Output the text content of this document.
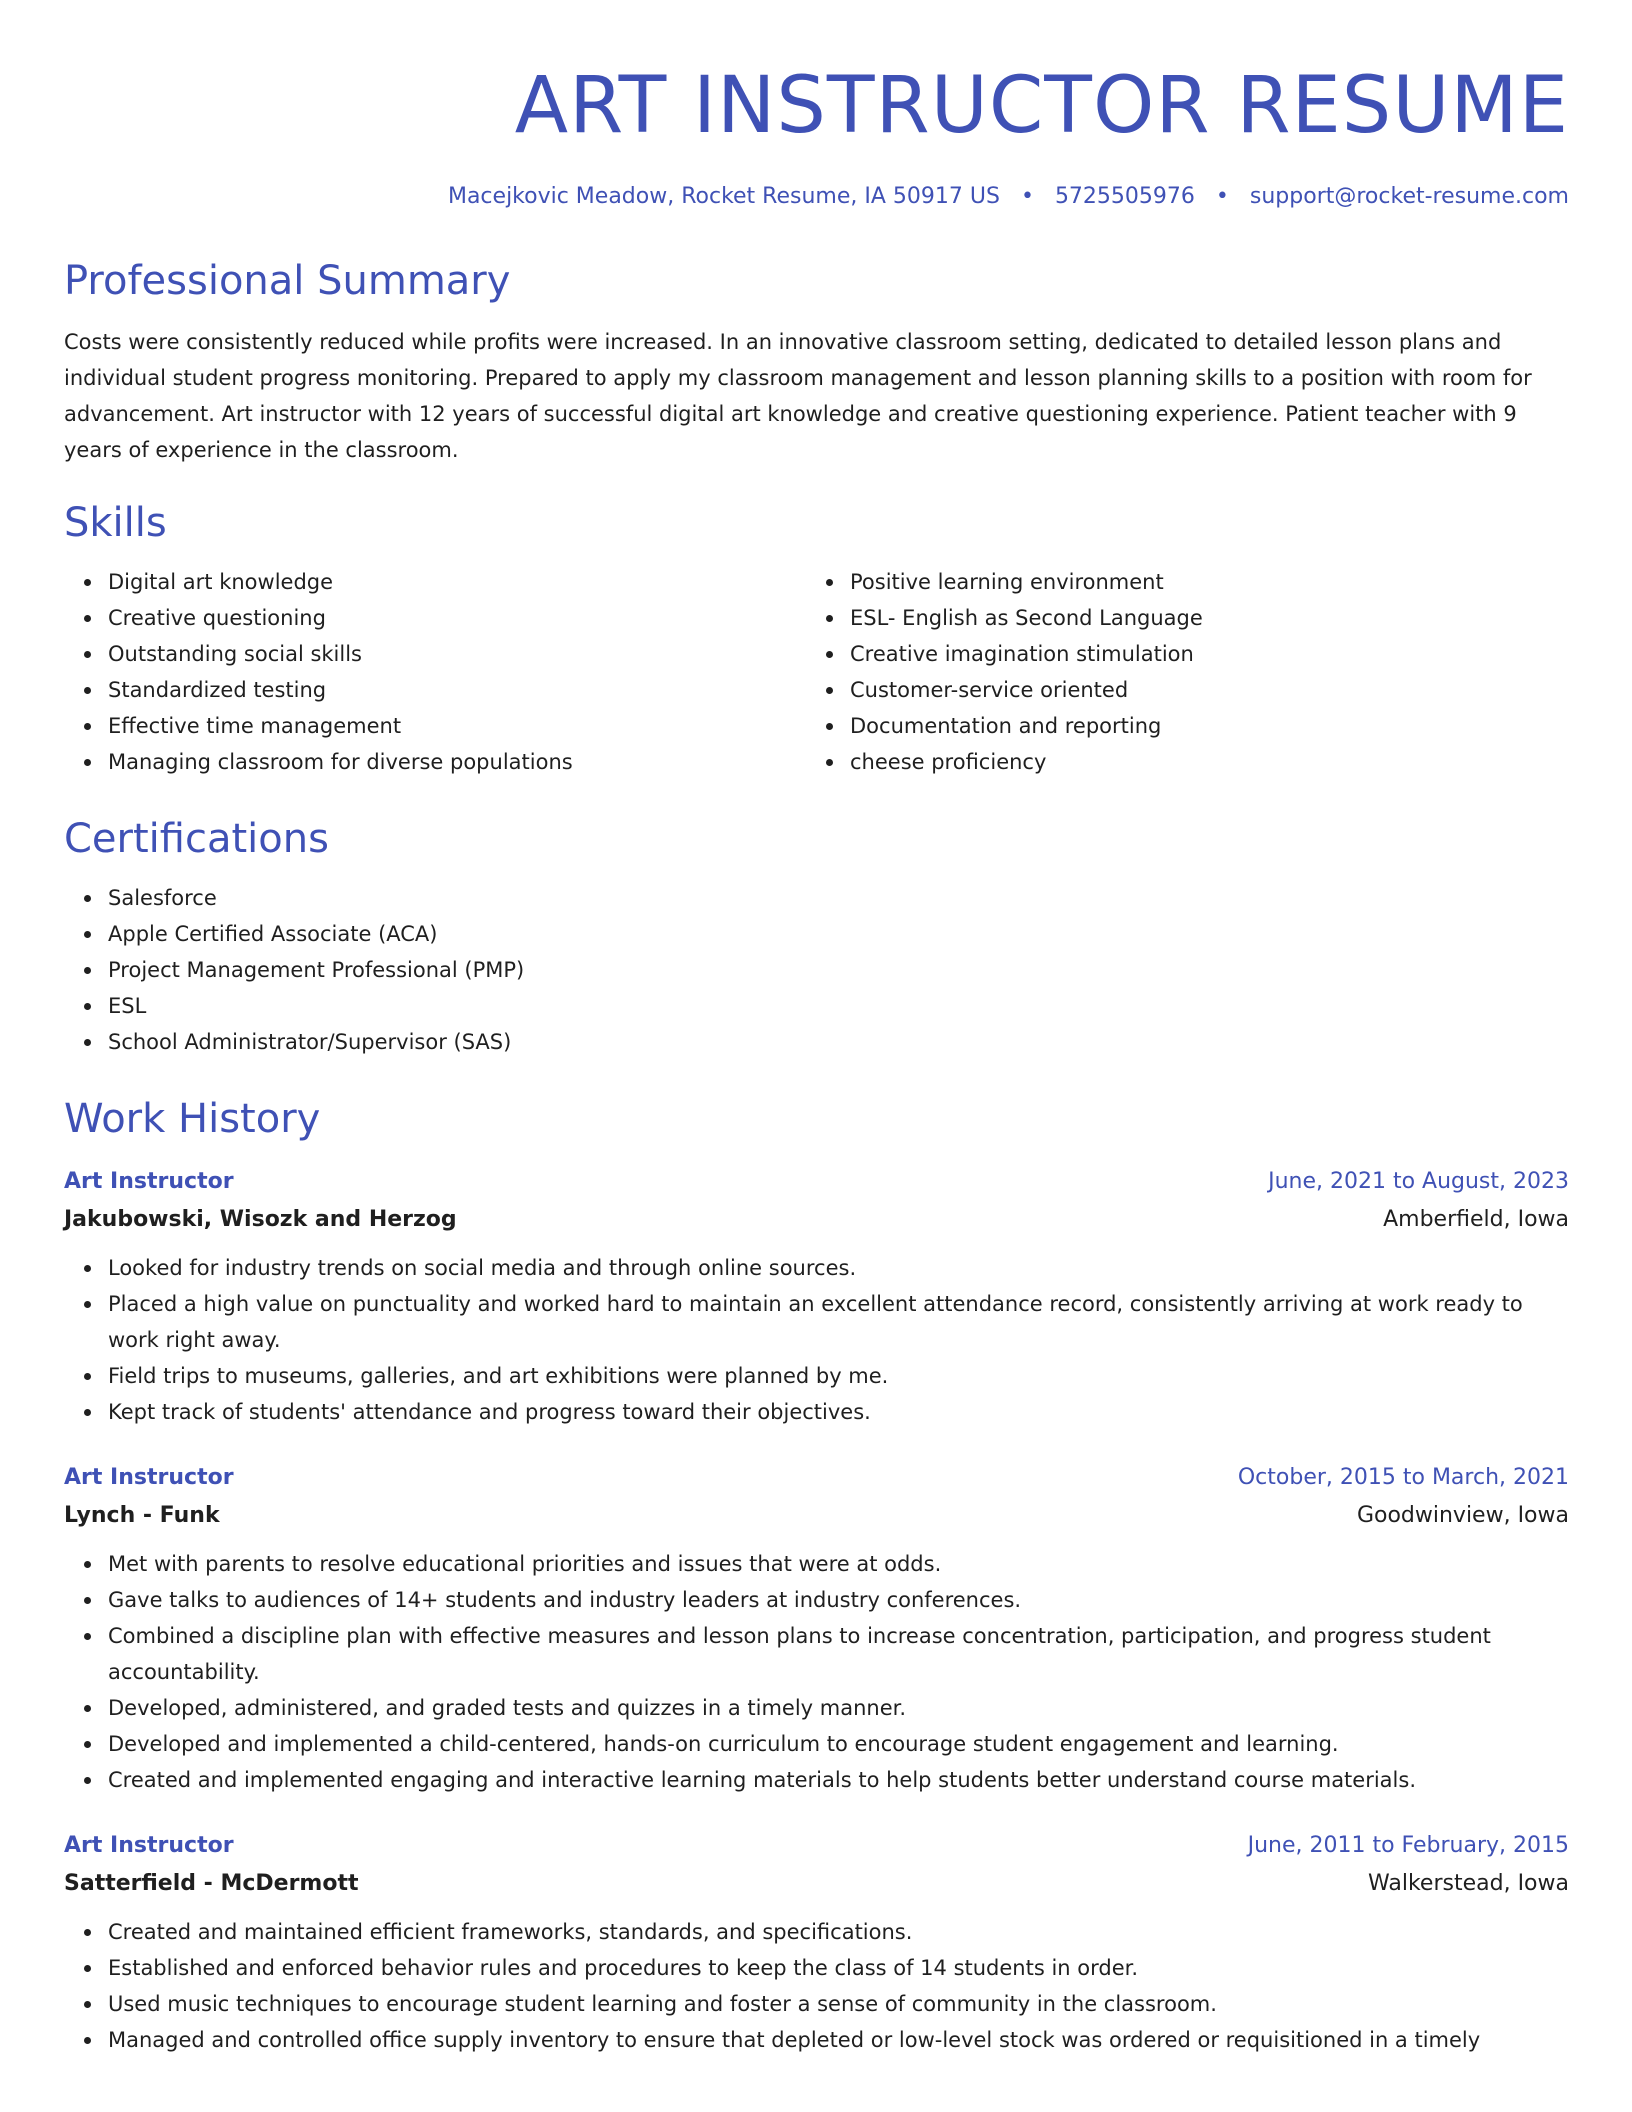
ART INSTRUCTOR RESUME
Macejkovic Meadow, Rocket Resume, IA 50917 US • 5725505976 • support@rocket-resume.com
Professional Summary

Costs were consistently reduced while profits were increased. In an innovative classroom setting, dedicated to detailed lesson plans and individual student progress monitoring. Prepared to apply my classroom management and lesson planning skills to a position with room for advancement. Art instructor with 12 years of successful digital art knowledge and creative questioning experience. Patient teacher with 9 years of experience in the classroom.

Skills
Digital art knowledge
Creative questioning
Outstanding social skills
Standardized testing
Effective time management
Managing classroom for diverse populations
Positive learning environment
ESL- English as Second Language
Creative imagination stimulation
Customer-service oriented
Documentation and reporting
cheese proficiency
Certifications
Salesforce
Apple Certified Associate (ACA)
Project Management Professional (PMP)
ESL
School Administrator/Supervisor (SAS)
Work History
Art Instructor	June, 2021 to August, 2023
Jakubowski, Wisozk and Herzog	Amberfield, Iowa
Looked for industry trends on social media and through online sources.
Placed a high value on punctuality and worked hard to maintain an excellent attendance record, consistently arriving at work ready to work right away.
Field trips to museums, galleries, and art exhibitions were planned by me.
Kept track of students' attendance and progress toward their objectives.
Art Instructor	October, 2015 to March, 2021
Lynch - Funk	Goodwinview, Iowa
Met with parents to resolve educational priorities and issues that were at odds.
Gave talks to audiences of 14+ students and industry leaders at industry conferences.
Combined a discipline plan with effective measures and lesson plans to increase concentration, participation, and progress student accountability.
Developed, administered, and graded tests and quizzes in a timely manner.
Developed and implemented a child-centered, hands-on curriculum to encourage student engagement and learning.
Created and implemented engaging and interactive learning materials to help students better understand course materials.
Art Instructor	June, 2011 to February, 2015
Satterfield - McDermott	Walkerstead, Iowa
Created and maintained efficient frameworks, standards, and specifications.
Established and enforced behavior rules and procedures to keep the class of 14 students in order.
Used music techniques to encourage student learning and foster a sense of community in the classroom.
Managed and controlled office supply inventory to ensure that depleted or low-level stock was ordered or requisitioned in a timely
